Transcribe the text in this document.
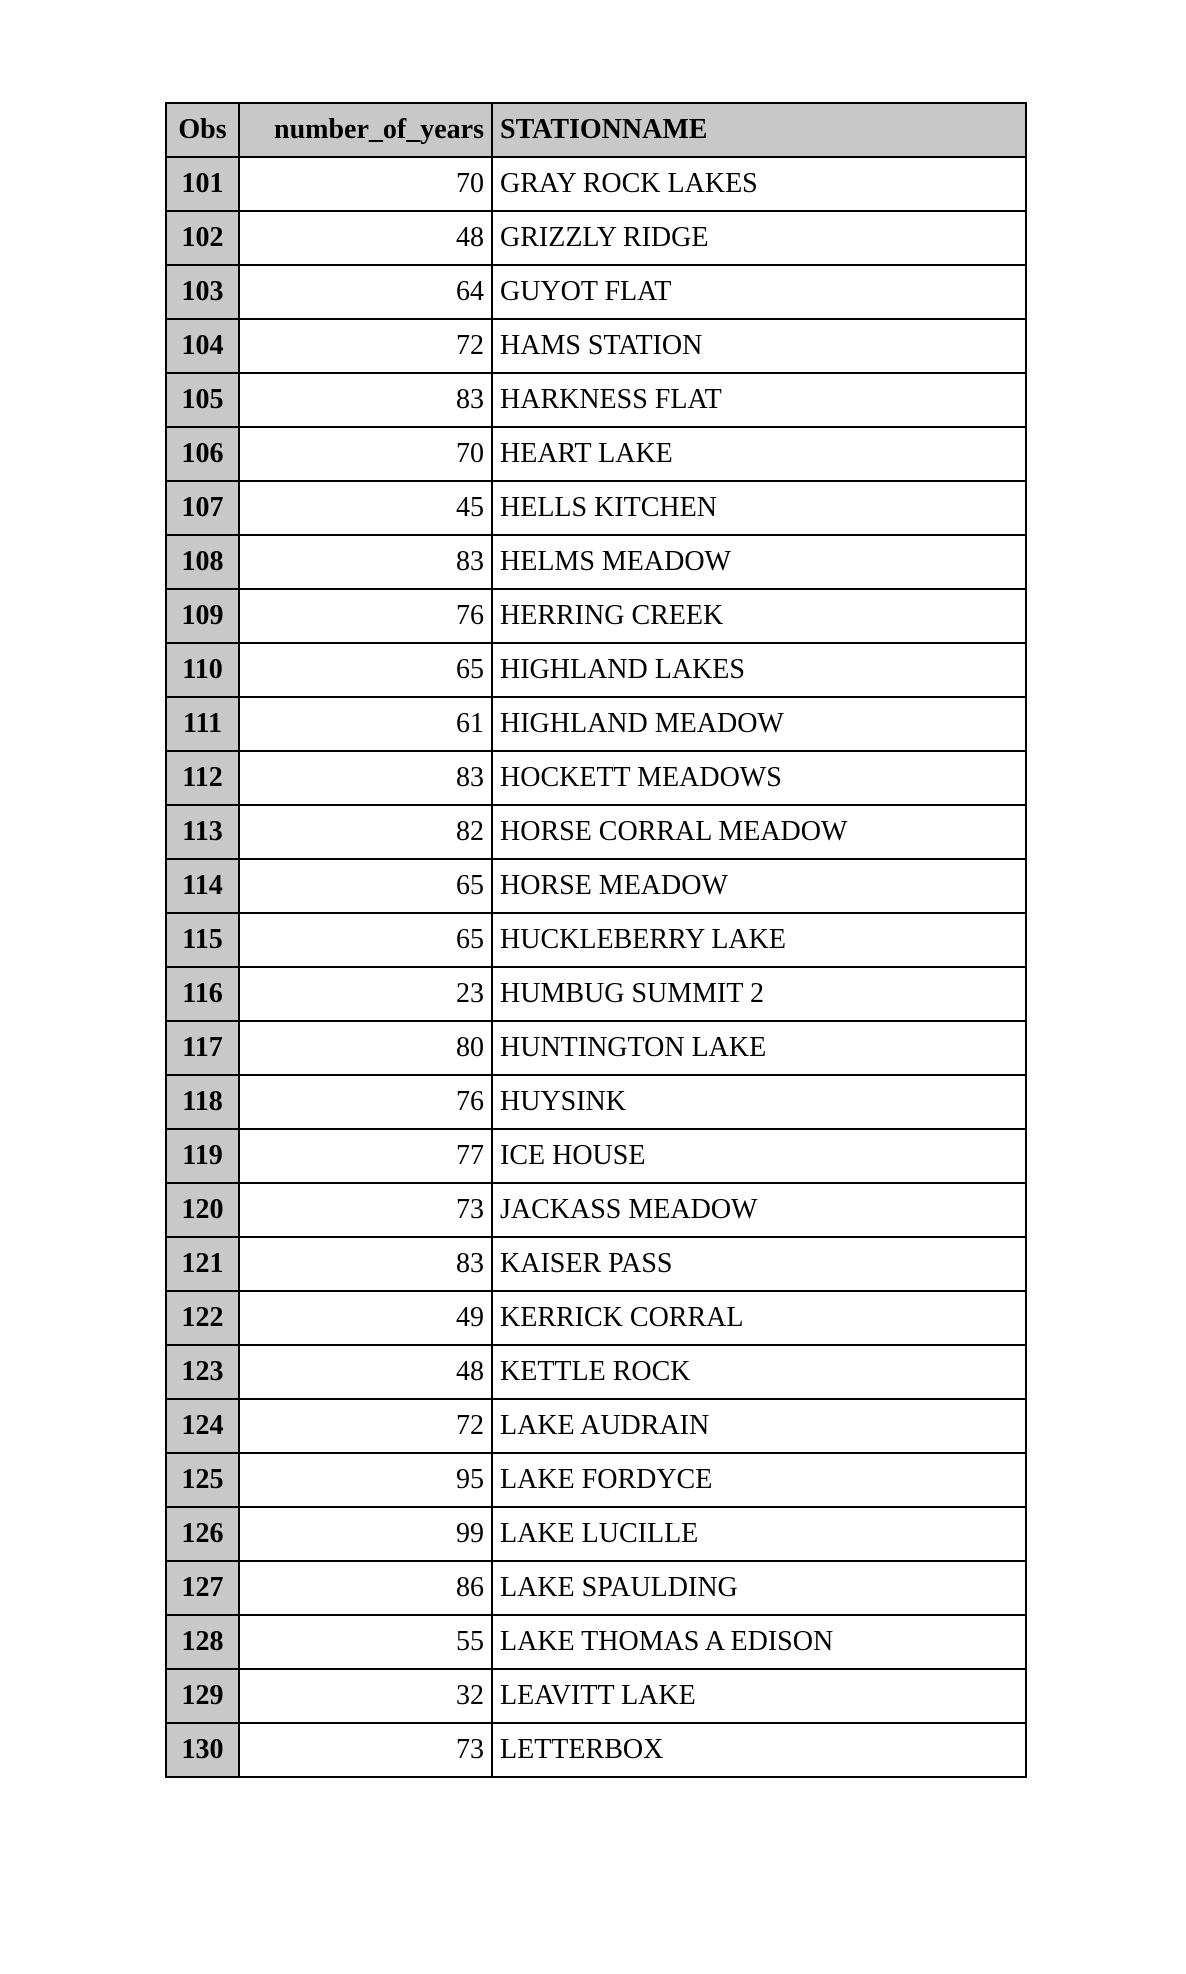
Obs	number_of_years	STATIONNAME
101	70	GRAY ROCK LAKES
102	48	GRIZZLY RIDGE
103	64	GUYOT FLAT
104	72	HAMS STATION
105	83	HARKNESS FLAT
106	70	HEART LAKE
107	45	HELLS KITCHEN
108	83	HELMS MEADOW
109	76	HERRING CREEK
110	65	HIGHLAND LAKES
111	61	HIGHLAND MEADOW
112	83	HOCKETT MEADOWS
113	82	HORSE CORRAL MEADOW
114	65	HORSE MEADOW
115	65	HUCKLEBERRY LAKE
116	23	HUMBUG SUMMIT 2
117	80	HUNTINGTON LAKE
118	76	HUYSINK
119	77	ICE HOUSE
120	73	JACKASS MEADOW
121	83	KAISER PASS
122	49	KERRICK CORRAL
123	48	KETTLE ROCK
124	72	LAKE AUDRAIN
125	95	LAKE FORDYCE
126	99	LAKE LUCILLE
127	86	LAKE SPAULDING
128	55	LAKE THOMAS A EDISON
129	32	LEAVITT LAKE
130	73	LETTERBOX
